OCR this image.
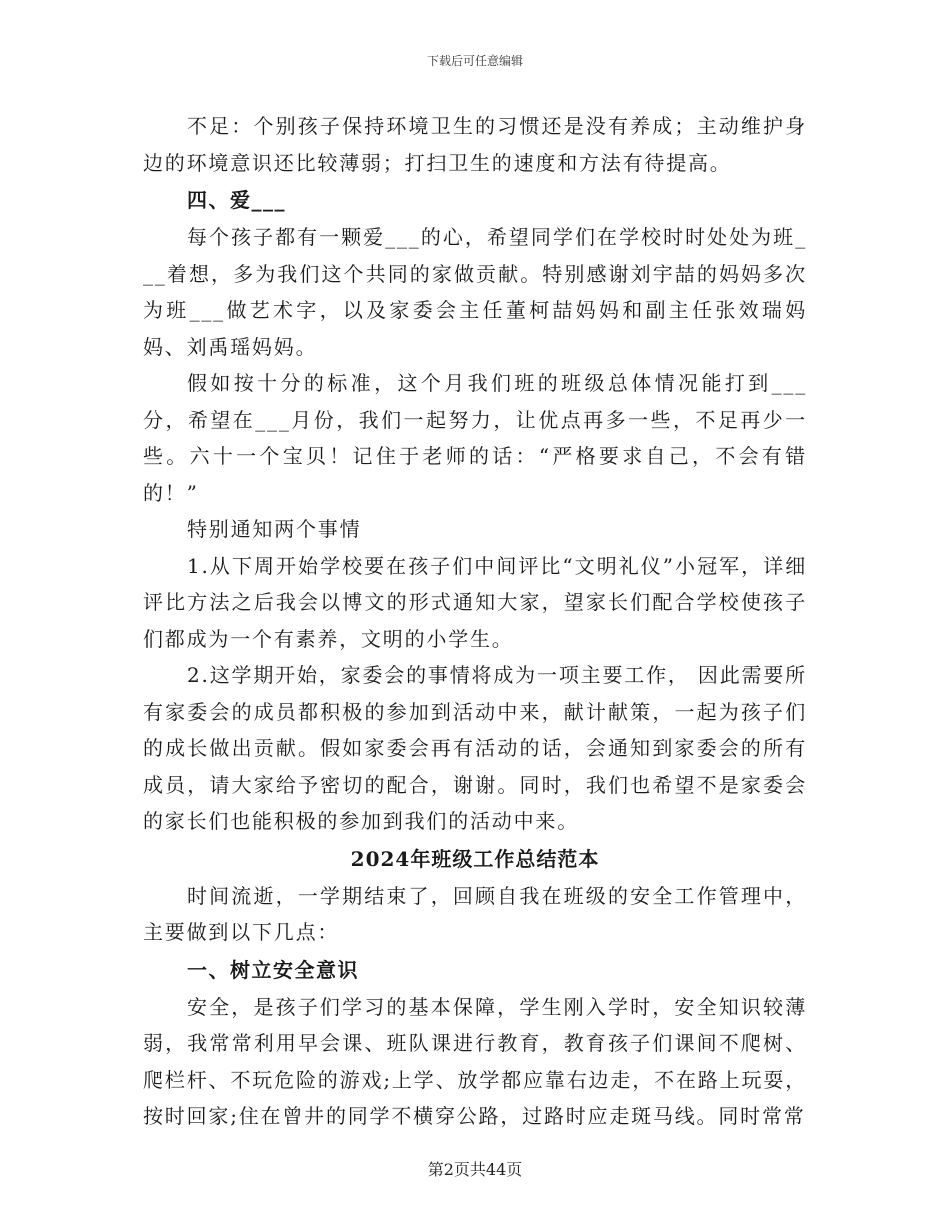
下载后可任意编辑

不足：个别孩子保持环境卫生的习惯还是没有养成；主动维护身边的环境意识还比较薄弱；打扫卫生的速度和方法有待提高。

四、爱___

每个孩子都有一颗爱___的心，希望同学们在学校时时处处为班___着想，多为我们这个共同的家做贡献。特别感谢刘宇喆的妈妈多次为班___做艺术字，以及家委会主任董柯喆妈妈和副主任张效瑞妈妈、刘禹瑶妈妈。

假如按十分的标准，这个月我们班的班级总体情况能打到___分，希望在___月份，我们一起努力，让优点再多一些，不足再少一些。六十一个宝贝！记住于老师的话：“严格要求自己，不会有错的！”

特别通知两个事情

1.从下周开始学校要在孩子们中间评比“文明礼仪”小冠军，详细评比方法之后我会以博文的形式通知大家，望家长们配合学校使孩子们都成为一个有素养，文明的小学生。

2.这学期开始，家委会的事情将成为一项主要工作， 因此需要所有家委会的成员都积极的参加到活动中来，献计献策，一起为孩子们的成长做出贡献。假如家委会再有活动的话，会通知到家委会的所有成员，请大家给予密切的配合，谢谢。同时，我们也希望不是家委会的家长们也能积极的参加到我们的活动中来。

2024年班级工作总结范本

时间流逝，一学期结束了，回顾自我在班级的安全工作管理中，主要做到以下几点：

一、树立安全意识

安全，是孩子们学习的基本保障，学生刚入学时，安全知识较薄弱，我常常利用早会课、班队课进行教育，教育孩子们课间不爬树、爬栏杆、不玩危险的游戏;上学、放学都应靠右边走，不在路上玩耍，按时回家;住在曾井的同学不横穿公路，过路时应走斑马线。同时常常

第2页共44页
